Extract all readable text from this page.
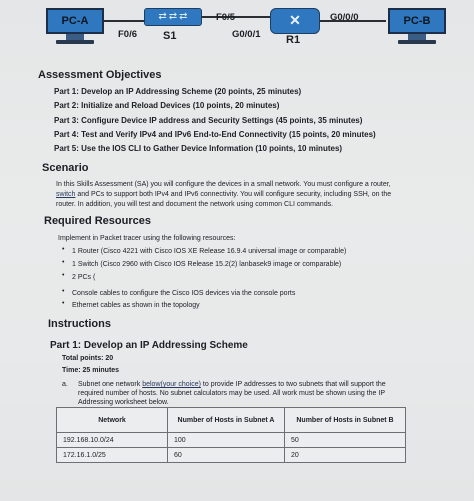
PC-A	⇄⇄⇄
S1
✕
R1
PC-B
F0/6
F0/5
G0/0/1
G0/0/0
Assessment Objectives
Part 1: Develop an IP Addressing Scheme (20 points, 25 minutes)
Part 2: Initialize and Reload Devices (10 points, 20 minutes)
Part 3: Configure Device IP address and Security Settings (45 points, 35 minutes)
Part 4: Test and Verify IPv4 and IPv6 End-to-End Connectivity (15 points, 20 minutes)
Part 5: Use the IOS CLI to Gather Device Information (10 points, 10 minutes)
Scenario
In this Skills Assessment (SA) you will configure the devices in a small network. You must configure a router,
switch and PCs to support both IPv4 and IPv6 connectivity. You will configure security, including SSH, on the
router. In addition, you will test and document the network using common CLI commands.
Required Resources
Implement in Packet tracer using the following resources:
• 1 Router (Cisco 4221 with Cisco IOS XE Release 16.9.4 universal image or comparable)
• 1 Switch (Cisco 2960 with Cisco IOS Release 15.2(2) lanbasek9 image or comparable)
• 2 PCs (
• Console cables to configure the Cisco IOS devices via the console ports
• Ethernet cables as shown in the topology
Instructions
Part 1: Develop an IP Addressing Scheme
Total points: 20
Time: 25 minutes
a. Subnet one network below(your choice) to provide IP addresses to two subnets that will support the
required number of hosts. No subnet calculators may be used. All work must be shown using the IP
Addressing worksheet below.
Network	Number of Hosts in Subnet A	Number of Hosts in Subnet B
192.168.10.0/24	100	50
172.16.1.0/25	60	20
